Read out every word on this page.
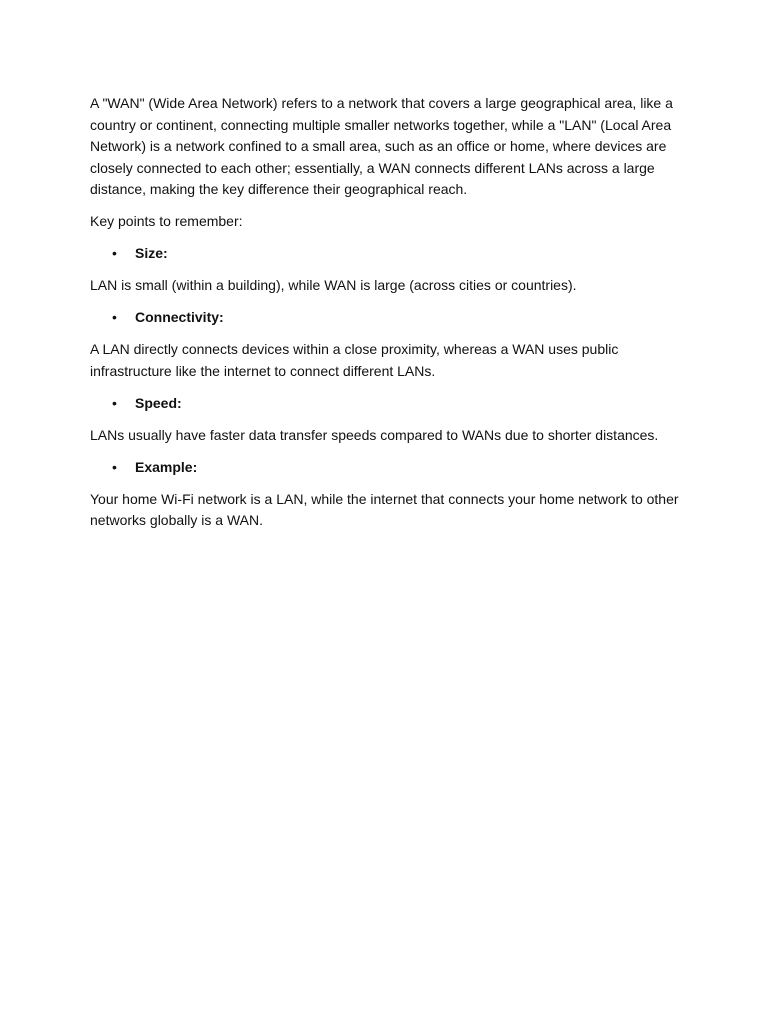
A "WAN" (Wide Area Network) refers to a network that covers a large geographical area, like a country or continent, connecting multiple smaller networks together, while a "LAN" (Local Area Network) is a network confined to a small area, such as an office or home, where devices are closely connected to each other; essentially, a WAN connects different LANs across a large distance, making the key difference their geographical reach.

Key points to remember:

• Size:

LAN is small (within a building), while WAN is large (across cities or countries).

• Connectivity:

A LAN directly connects devices within a close proximity, whereas a WAN uses public infrastructure like the internet to connect different LANs.

• Speed:

LANs usually have faster data transfer speeds compared to WANs due to shorter distances.

• Example:

Your home Wi-Fi network is a LAN, while the internet that connects your home network to other networks globally is a WAN.
